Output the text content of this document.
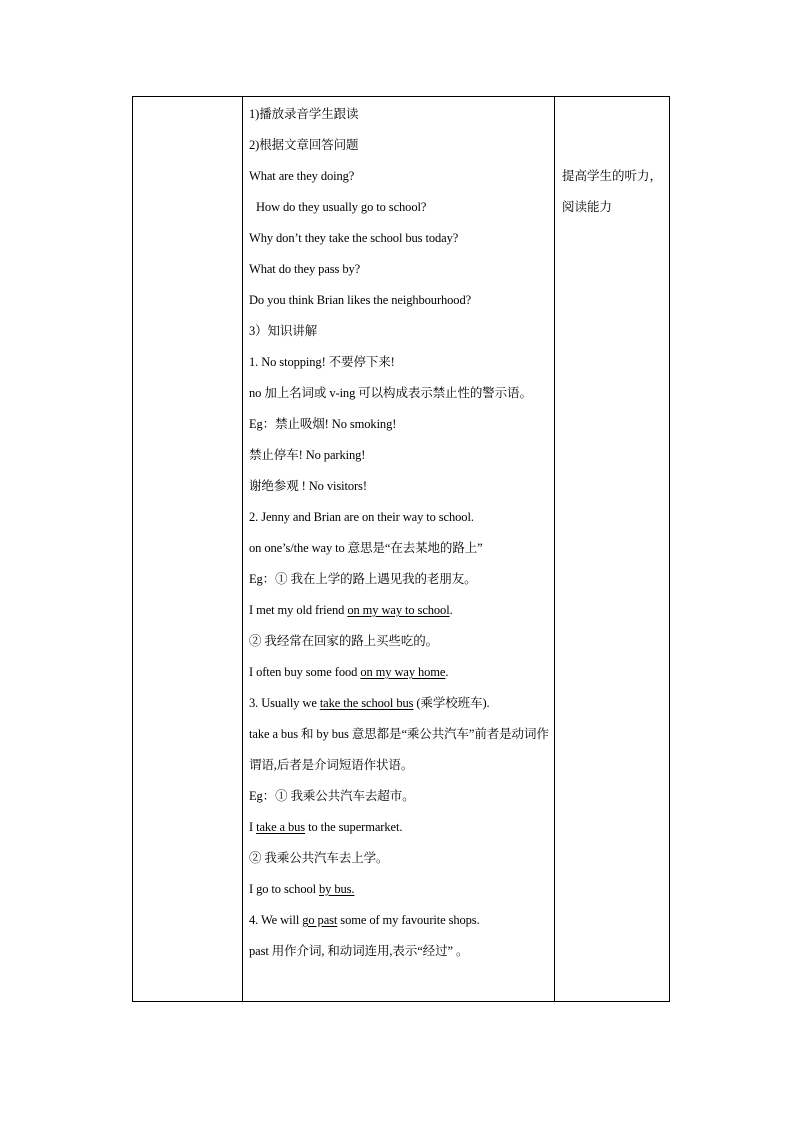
1)播放录音学生跟读
2)根据文章回答问题
What are they doing?
How do they usually go to school?
Why don’t they take the school bus today?
What do they pass by?
Do you think Brian likes the neighbourhood?
3）知识讲解
1. No stopping! 不要停下来!
no 加上名词或 v-ing 可以构成表示禁止性的警示语。
Eg：禁止吸烟! No smoking!
禁止停车! No parking!
谢绝参观 ! No visitors!
2. Jenny and Brian are on their way to school.
on one’s/the way to 意思是“在去某地的路上”
Eg：① 我在上学的路上遇见我的老朋友。
I met my old friend on my way to school.
② 我经常在回家的路上买些吃的。
I often buy some food on my way home.
3. Usually we take the school bus (乘学校班车).
take a bus 和 by bus 意思都是“乘公共汽车”前者是动词作谓语,后者是介词短语作状语。
Eg：① 我乘公共汽车去超市。
I take a bus to the supermarket.
② 我乘公共汽车去上学。
I go to school by bus.
4. We will go past some of my favourite shops.
past 用作介词, 和动词连用,表示“经过” 。

提高学生的听力，阅读能力
